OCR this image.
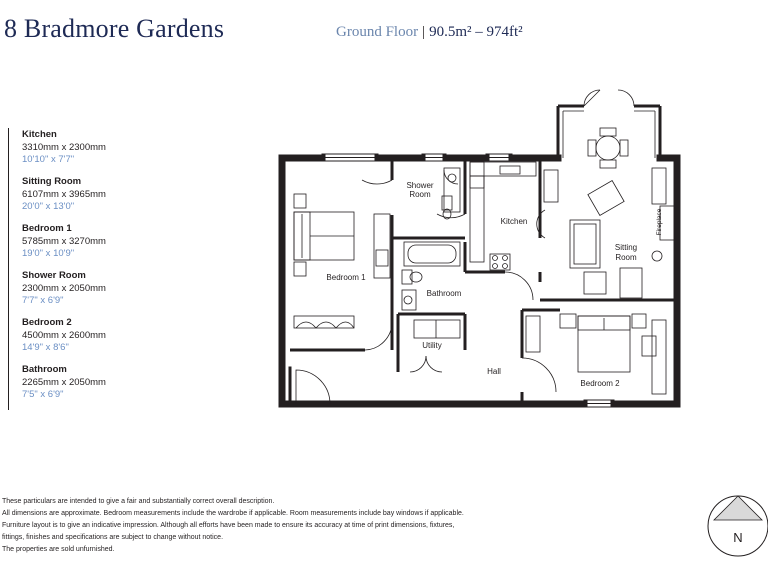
8 Bradmore Gardens	Ground Floor | 90.5m² – 974ft²
Kitchen
3310mm x 2300mm
10'10" x 7'7"
Sitting Room
6107mm x 3965mm
20'0" x 13'0"
Bedroom 1
5785mm x 3270mm
19'0" x 10'9"
Shower Room
2300mm x 2050mm
7'7" x 6'9"
Bedroom 2
4500mm x 2600mm
14'9" x 8'6"
Bathroom
2265mm x 2050mm
7'5" x 6'9"
Shower
Room
Kitchen
Sitting
Room
Bedroom 1
Bathroom
Utility
Hall
Bedroom 2
Fireplace

These particulars are intended to give a fair and substantially correct overall description.

All dimensions are approximate. Bedroom measurements include the wardrobe if applicable. Room measurements include bay windows if applicable.

Furniture layout is to give an indicative impression. Although all efforts have been made to ensure its accuracy at time of print dimensions, fixtures,

fittings, finishes and specifications are subject to change without notice.

The properties are sold unfurnished.

N
